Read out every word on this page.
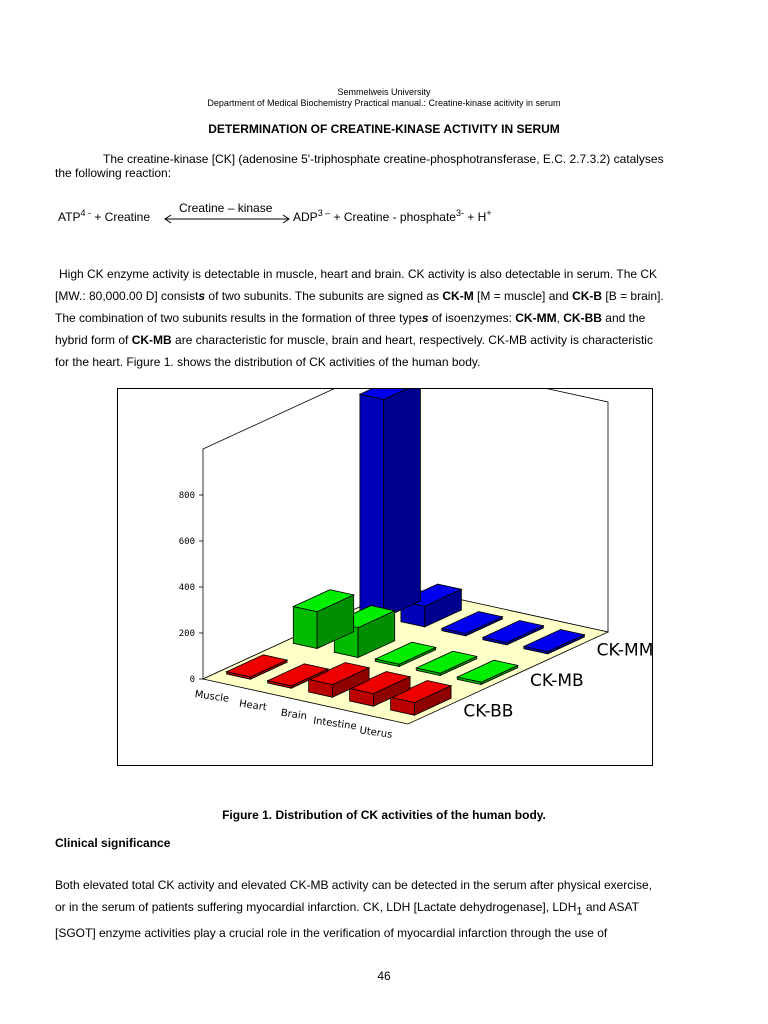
Semmelweis University
Department of Medical Biochemistry Practical manual.: Creatine-kinase acitivity in serum
DETERMINATION OF CREATINE-KINASE ACTIVITY IN SERUM
The creatine-kinase [CK] (adenosine 5'-triphosphate creatine-phosphotransferase, E.C. 2.7.3.2) catalyses
the following reaction:
$ATP^{4 -}$ + Creatine
Creatine – kinase
$ADP^{3 -}$ + Creatine - phosphate$^{3-}$ + H+
High CK enzyme activity is detectable in muscle, heart and brain. CK activity is also detectable in serum. The CK
[MW.: 80,000.00 D] consists of two subunits. The subunits are signed as CK-M [M = muscle] and CK-B [B = brain].
The combination of two subunits results in the formation of three types of isoenzymes: CK-MM, CK-BB and the
hybrid form of CK-MB are characteristic for muscle, brain and heart, respectively. CK-MB activity is characteristic
for the heart. Figure 1. shows the distribution of CK activities of the human body.
0
200
400
600
800
Muscle
Heart
Brain
Intestine
Uterus
CK-MM
CK-MB
CK-BB
Figure 1. Distribution of CK activities of the human body.
Clinical significance
Both elevated total CK activity and elevated CK-MB activity can be detected in the serum after physical exercise,
or in the serum of patients suffering myocardial infarction. CK, LDH [Lactate dehydrogenase], $LDH_1$ and ASAT
[SGOT] enzyme activities play a crucial role in the verification of myocardial infarction through the use of
46
